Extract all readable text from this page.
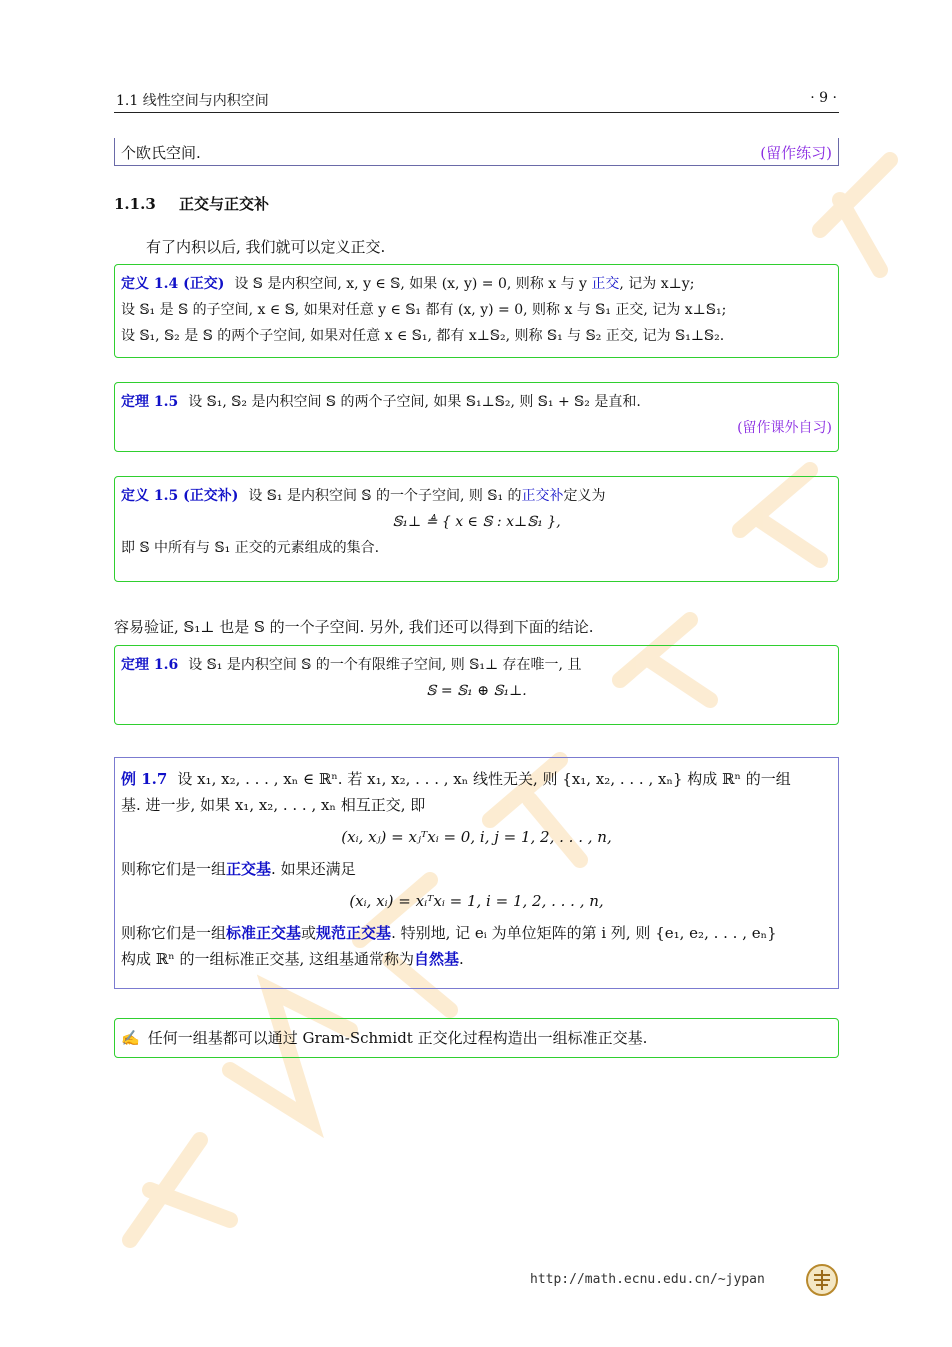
1.1 线性空间与内积空间	· 9 ·
个欧氏空间.	(留作练习)
1.1.3 正交与正交补
有了内积以后, 我们就可以定义正交.
定义 1.4 (正交) 设 𝕊 是内积空间, x, y ∈ 𝕊, 如果 (x, y) = 0, 则称 x 与 y 正交, 记为 x⊥y;
设 𝕊₁ 是 𝕊 的子空间, x ∈ 𝕊, 如果对任意 y ∈ 𝕊₁ 都有 (x, y) = 0, 则称 x 与 𝕊₁ 正交, 记为 x⊥𝕊₁;
设 𝕊₁, 𝕊₂ 是 𝕊 的两个子空间, 如果对任意 x ∈ 𝕊₁, 都有 x⊥𝕊₂, 则称 𝕊₁ 与 𝕊₂ 正交, 记为 𝕊₁⊥𝕊₂.
定理 1.5 设 𝕊₁, 𝕊₂ 是内积空间 𝕊 的两个子空间, 如果 𝕊₁⊥𝕊₂, 则 𝕊₁ + 𝕊₂ 是直和.
(留作课外自习)
定义 1.5 (正交补) 设 𝕊₁ 是内积空间 𝕊 的一个子空间, 则 𝕊₁ 的正交补定义为
𝕊₁⊥ ≜ { x ∈ 𝕊 : x⊥𝕊₁ },
即 𝕊 中所有与 𝕊₁ 正交的元素组成的集合.
容易验证, 𝕊₁⊥ 也是 𝕊 的一个子空间. 另外, 我们还可以得到下面的结论.
定理 1.6 设 𝕊₁ 是内积空间 𝕊 的一个有限维子空间, 则 𝕊₁⊥ 存在唯一, 且
𝕊 = 𝕊₁ ⊕ 𝕊₁⊥.
例 1.7 设 x₁, x₂, . . . , xₙ ∈ ℝⁿ. 若 x₁, x₂, . . . , xₙ 线性无关, 则 {x₁, x₂, . . . , xₙ} 构成 ℝⁿ 的一组
基. 进一步, 如果 x₁, x₂, . . . , xₙ 相互正交, 即
(xᵢ, xⱼ) = xⱼᵀxᵢ = 0, i, j = 1, 2, . . . , n,
则称它们是一组正交基. 如果还满足
(xᵢ, xᵢ) = xᵢᵀxᵢ = 1, i = 1, 2, . . . , n,
则称它们是一组标准正交基或规范正交基. 特别地, 记 eᵢ 为单位矩阵的第 i 列, 则 {e₁, e₂, . . . , eₙ}
构成 ℝⁿ 的一组标准正交基, 这组基通常称为自然基.
✍ 任何一组基都可以通过 Gram-Schmidt 正交化过程构造出一组标准正交基.
http://math.ecnu.edu.cn/~jypan
